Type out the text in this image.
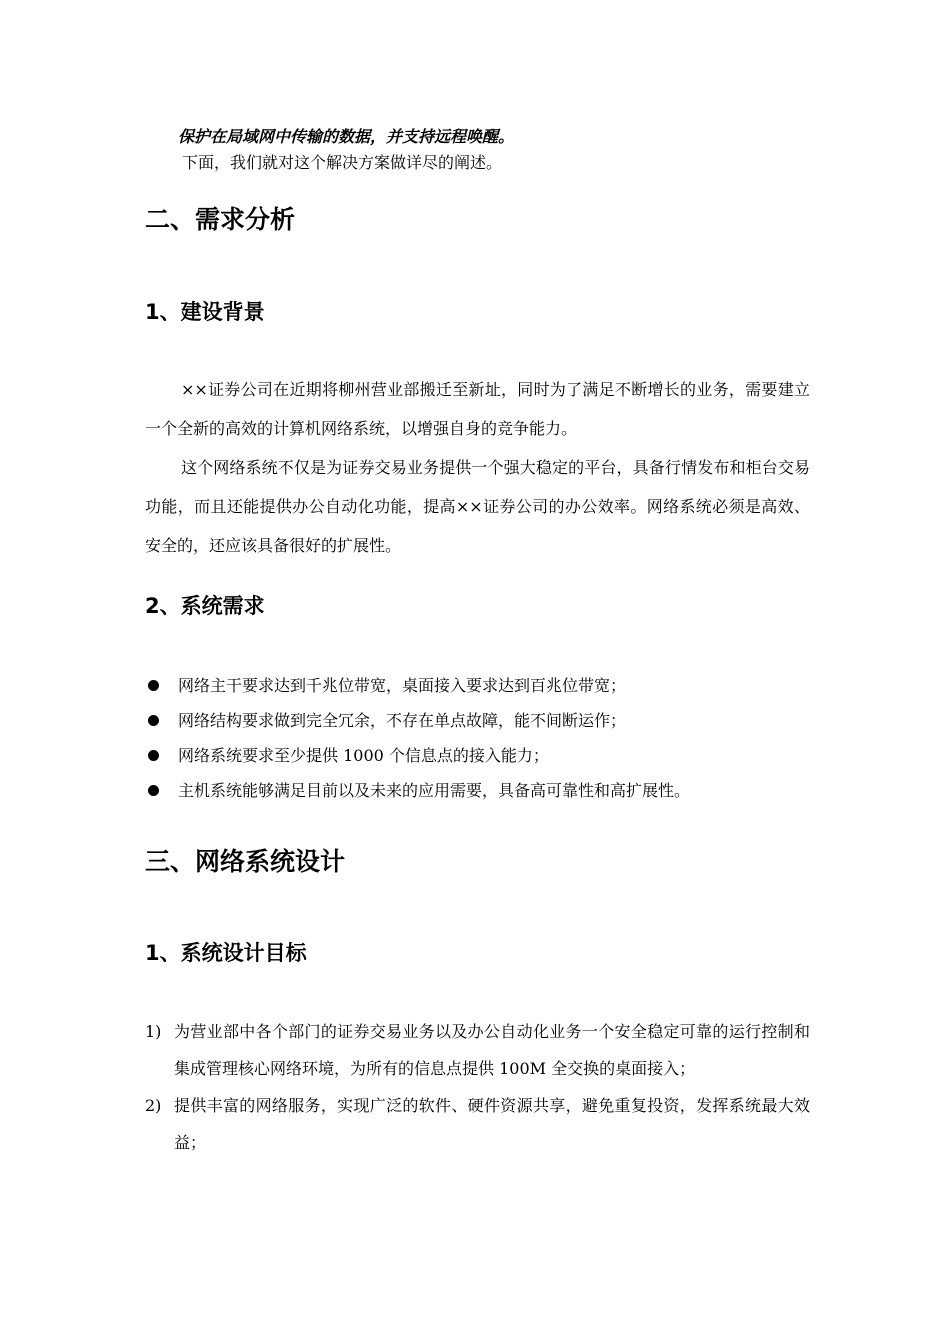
保护在局域网中传输的数据，并支持远程唤醒。
下面，我们就对这个解决方案做详尽的阐述。
二、需求分析
1、建设背景

××证券公司在近期将柳州营业部搬迁至新址，同时为了满足不断增长的业务，需要建立一个全新的高效的计算机网络系统，以增强自身的竞争能力。

这个网络系统不仅是为证券交易业务提供一个强大稳定的平台，具备行情发布和柜台交易功能，而且还能提供办公自动化功能，提高××证券公司的办公效率。网络系统必须是高效、安全的，还应该具备很好的扩展性。

2、系统需求
网络主干要求达到千兆位带宽，桌面接入要求达到百兆位带宽；
网络结构要求做到完全冗余，不存在单点故障，能不间断运作；
网络系统要求至少提供 1000 个信息点的接入能力；
主机系统能够满足目前以及未来的应用需要，具备高可靠性和高扩展性。
三、网络系统设计
1、系统设计目标
1) 为营业部中各个部门的证券交易业务以及办公自动化业务一个安全稳定可靠的运行控制和集成管理核心网络环境，为所有的信息点提供 100M 全交换的桌面接入；
2) 提供丰富的网络服务，实现广泛的软件、硬件资源共享，避免重复投资，发挥系统最大效益；
